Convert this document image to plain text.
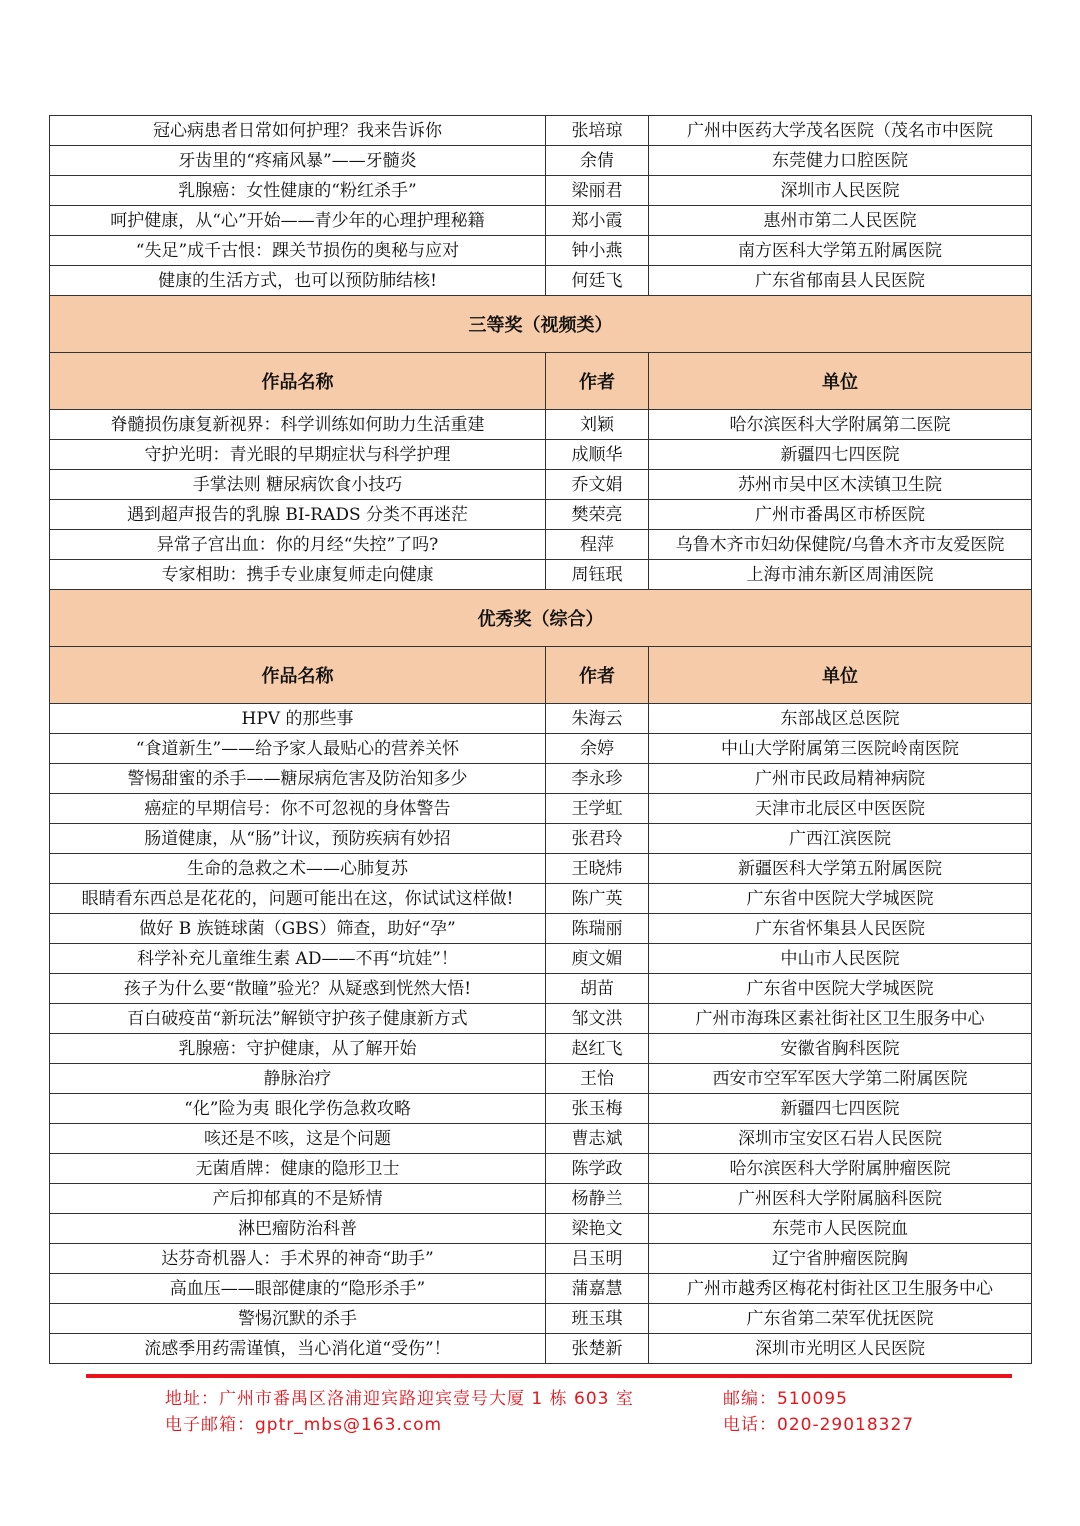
冠心病患者日常如何护理？我来告诉你	张培琼	广州中医药大学茂名医院（茂名市中医院
牙齿里的“疼痛风暴”——牙髓炎	余倩	东莞健力口腔医院
乳腺癌：女性健康的“粉红杀手”	梁丽君	深圳市人民医院
呵护健康，从“心”开始——青少年的心理护理秘籍	郑小霞	惠州市第二人民医院
“失足”成千古恨：踝关节损伤的奥秘与应对	钟小燕	南方医科大学第五附属医院
健康的生活方式，也可以预防肺结核!	何廷飞	广东省郁南县人民医院
三等奖（视频类）		
作品名称	作者	单位
脊髓损伤康复新视界：科学训练如何助力生活重建	刘颖	哈尔滨医科大学附属第二医院
守护光明：青光眼的早期症状与科学护理	成顺华	新疆四七四医院
手掌法则 糖尿病饮食小技巧	乔文娟	苏州市吴中区木渎镇卫生院
遇到超声报告的乳腺 BI-RADS 分类不再迷茫	樊荣亮	广州市番禺区市桥医院
异常子宫出血：你的月经“失控”了吗?	程萍	乌鲁木齐市妇幼保健院/乌鲁木齐市友爱医院
专家相助：携手专业康复师走向健康	周钰珉	上海市浦东新区周浦医院
优秀奖（综合）		
作品名称	作者	单位
HPV 的那些事	朱海云	东部战区总医院
“食道新生”——给予家人最贴心的营养关怀	余婷	中山大学附属第三医院岭南医院
警惕甜蜜的杀手——糖尿病危害及防治知多少	李永珍	广州市民政局精神病院
癌症的早期信号：你不可忽视的身体警告	王学虹	天津市北辰区中医医院
肠道健康，从“肠”计议，预防疾病有妙招	张君玲	广西江滨医院
生命的急救之术——心肺复苏	王晓炜	新疆医科大学第五附属医院
眼睛看东西总是花花的，问题可能出在这，你试试这样做!	陈广英	广东省中医院大学城医院
做好 B 族链球菌（GBS）筛查，助好“孕”	陈瑞丽	广东省怀集县人民医院
科学补充儿童维生素 AD——不再“坑娃”！	庾文媚	中山市人民医院
孩子为什么要“散瞳”验光？从疑惑到恍然大悟!	胡苗	广东省中医院大学城医院
百白破疫苗“新玩法”解锁守护孩子健康新方式	邹文洪	广州市海珠区素社街社区卫生服务中心
乳腺癌：守护健康，从了解开始	赵红飞	安徽省胸科医院
静脉治疗	王怡	西安市空军军医大学第二附属医院
“化”险为夷 眼化学伤急救攻略	张玉梅	新疆四七四医院
咳还是不咳，这是个问题	曹志斌	深圳市宝安区石岩人民医院
无菌盾牌：健康的隐形卫士	陈学政	哈尔滨医科大学附属肿瘤医院
产后抑郁真的不是矫情	杨静兰	广州医科大学附属脑科医院
淋巴瘤防治科普	梁艳文	东莞市人民医院血
达芬奇机器人：手术界的神奇“助手”	吕玉明	辽宁省肿瘤医院胸
高血压——眼部健康的“隐形杀手”	蒲嘉慧	广州市越秀区梅花村街社区卫生服务中心
警惕沉默的杀手	班玉琪	广东省第二荣军优抚医院
流感季用药需谨慎，当心消化道“受伤”！	张楚新	深圳市光明区人民医院
地址：广州市番禺区洛浦迎宾路迎宾壹号大厦 1 栋 603 室	邮编：510095
电子邮箱：gptr_mbs@163.com	电话：020-29018327
